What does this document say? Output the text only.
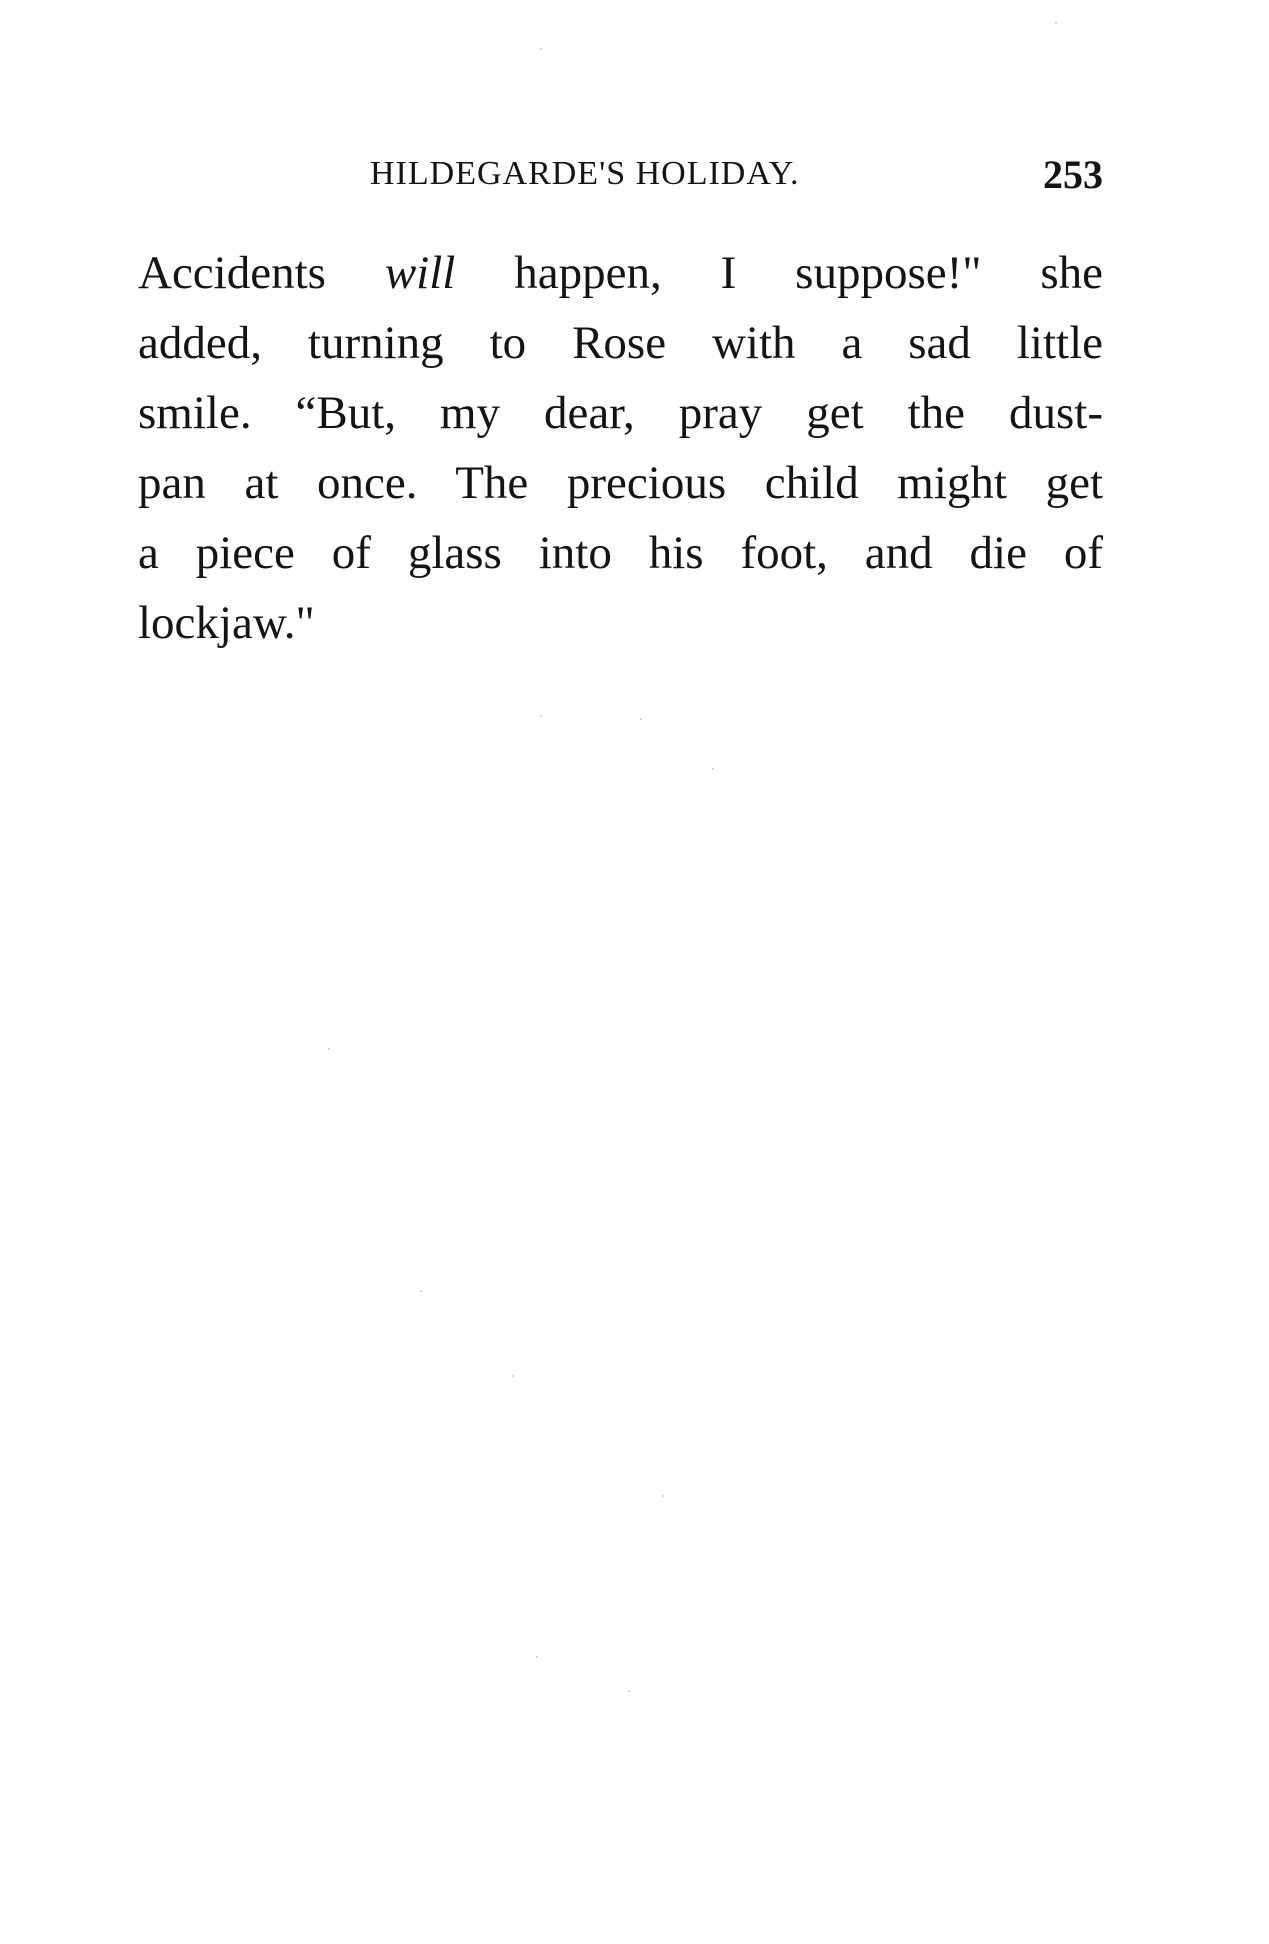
HILDEGARDE'S HOLIDAY.	253
Accidents will happen, I suppose!" she
added, turning to Rose with a sad little
smile. “But, my dear, pray get the dust-
pan at once. The precious child might get
a piece of glass into his foot, and die of
lockjaw."
